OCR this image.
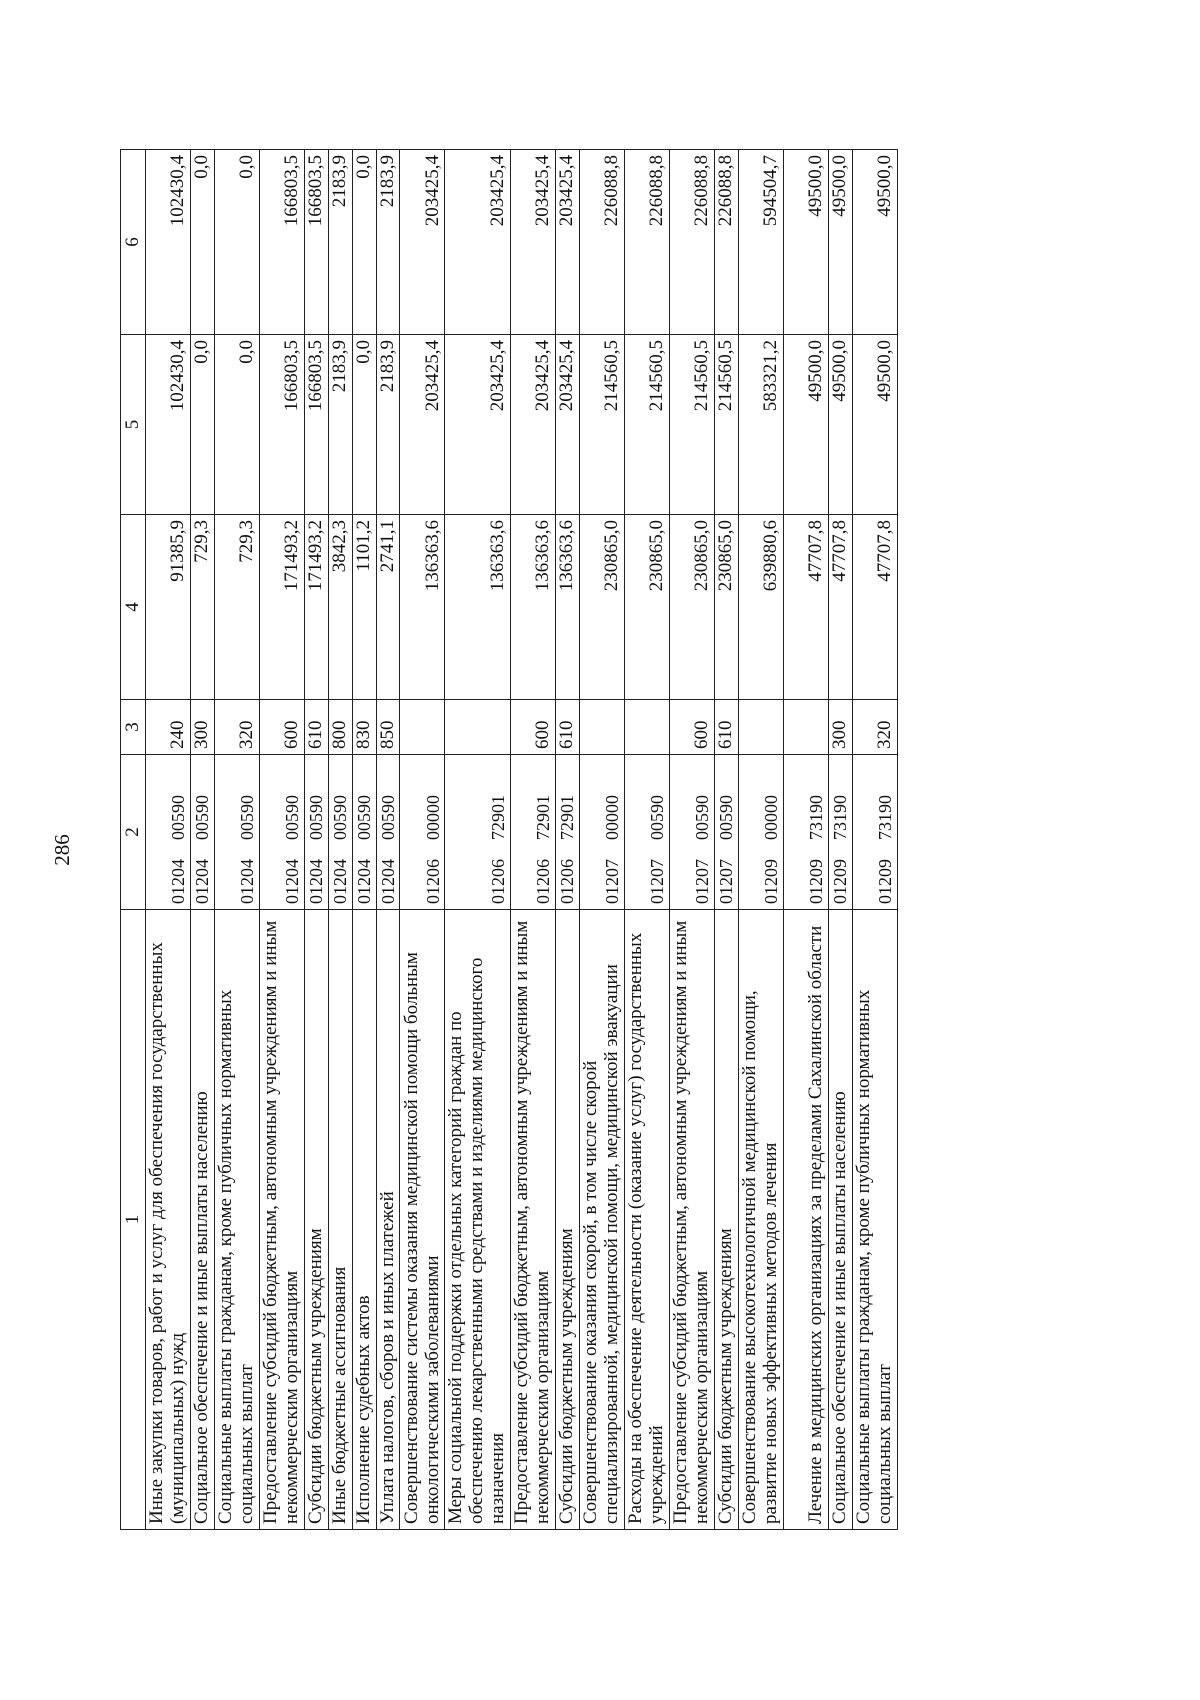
286
1	2	3	4	5	6
Иные закупки товаров, работ и услуг для обеспечения государственных (муниципальных) нужд	0120400590	240	91385,9	102430,4	102430,4
Социальное обеспечение и иные выплаты населению	0120400590	300	729,3	0,0	0,0
Социальные выплаты гражданам, кроме публичных нормативных социальных выплат	0120400590	320	729,3	0,0	0,0
Предоставление субсидий бюджетным, автономным учреждениям и иным некоммерческим организациям	0120400590	600	171493,2	166803,5	166803,5
Субсидии бюджетным учреждениям	0120400590	610	171493,2	166803,5	166803,5
Иные бюджетные ассигнования	0120400590	800	3842,3	2183,9	2183,9
Исполнение судебных актов	0120400590	830	1101,2	0,0	0,0
Уплата налогов, сборов и иных платежей	0120400590	850	2741,1	2183,9	2183,9
Совершенствование системы оказания медицинской помощи больным онкологическими заболеваниями	0120600000		136363,6	203425,4	203425,4
Меры социальной поддержки отдельных категорий граждан по обеспечению лекарственными средствами и изделиями медицинского назначения	0120672901		136363,6	203425,4	203425,4
Предоставление субсидий бюджетным, автономным учреждениям и иным некоммерческим организациям	0120672901	600	136363,6	203425,4	203425,4
Субсидии бюджетным учреждениям	0120672901	610	136363,6	203425,4	203425,4
Совершенствование оказания скорой, в том числе скорой специализированной, медицинской помощи, медицинской эвакуации	0120700000		230865,0	214560,5	226088,8
Расходы на обеспечение деятельности (оказание услуг) государственных учреждений	0120700590		230865,0	214560,5	226088,8
Предоставление субсидий бюджетным, автономным учреждениям и иным некоммерческим организациям	0120700590	600	230865,0	214560,5	226088,8
Субсидии бюджетным учреждениям	0120700590	610	230865,0	214560,5	226088,8
Совершенствование высокотехнологичной медицинской помощи, развитие новых эффективных методов лечения	0120900000		639880,6	583321,2	594504,7
Лечение в медицинских организациях за пределами Сахалинской области	0120973190		47707,8	49500,0	49500,0
Социальное обеспечение и иные выплаты населению	0120973190	300	47707,8	49500,0	49500,0
Социальные выплаты гражданам, кроме публичных нормативных социальных выплат	0120973190	320	47707,8	49500,0	49500,0
